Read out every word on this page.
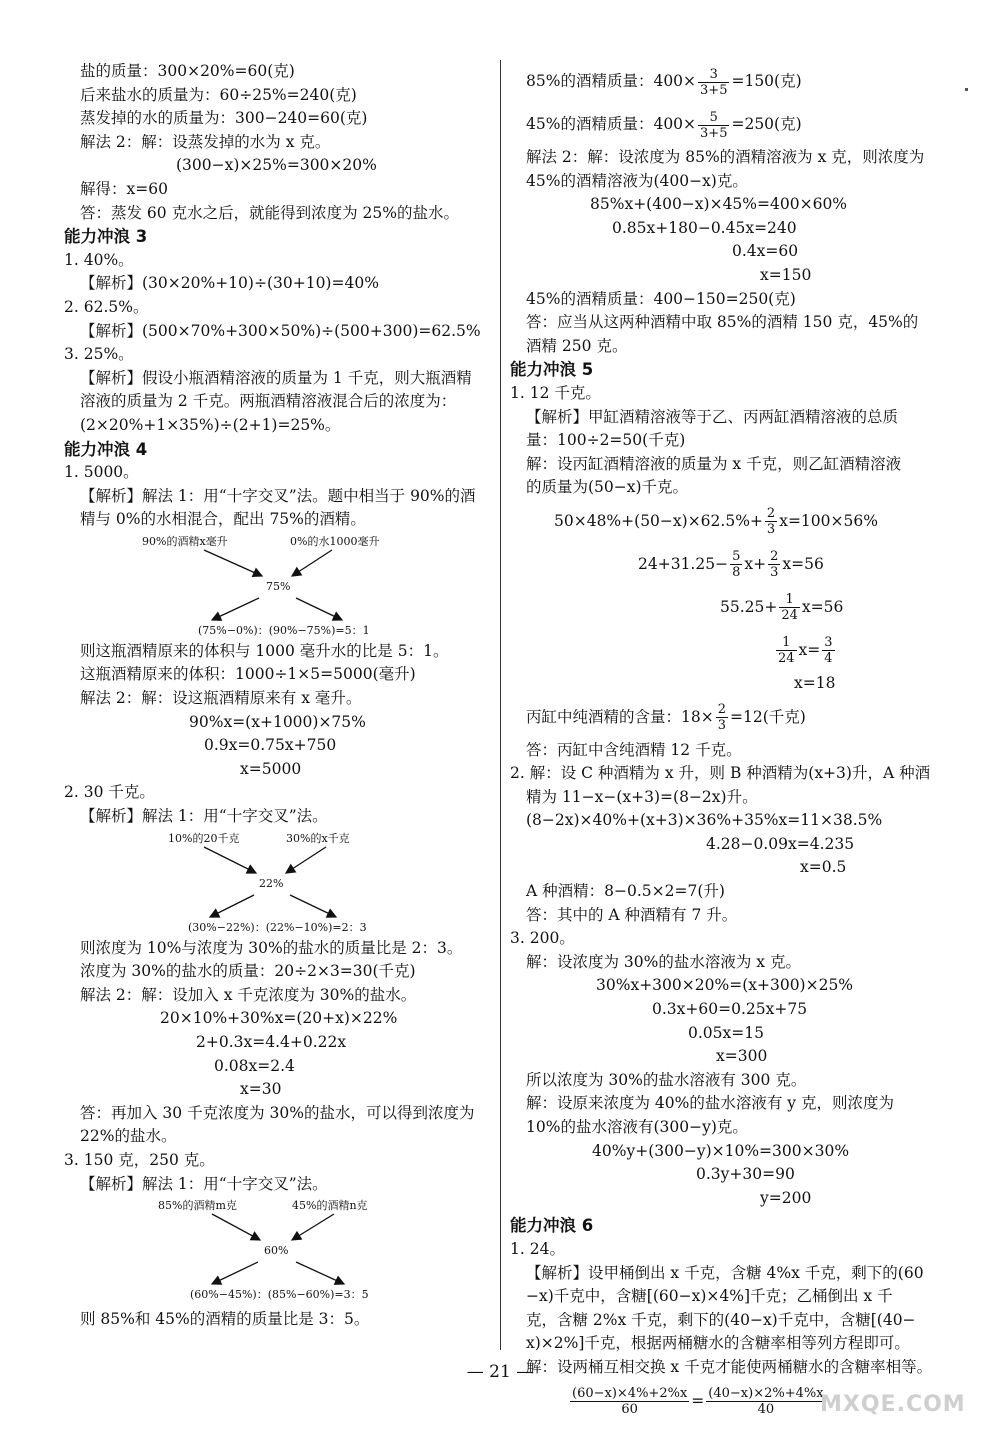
盐的质量：300×20%=60(克)
后来盐水的质量为：60÷25%=240(克)
蒸发掉的水的质量为：300−240=60(克)
解法 2：解：设蒸发掉的水为 x 克。
(300−x)×25%=300×20%
解得：x=60
答：蒸发 60 克水之后，就能得到浓度为 25%的盐水。
能力冲浪 3
1. 40%。
【解析】(30×20%+10)÷(30+10)=40%
2. 62.5%。
【解析】(500×70%+300×50%)÷(500+300)=62.5%
3. 25%。
【解析】假设小瓶酒精溶液的质量为 1 千克，则大瓶酒精
溶液的质量为 2 千克。两瓶酒精溶液混合后的浓度为：
(2×20%+1×35%)÷(2+1)=25%。
能力冲浪 4
1. 5000。
【解析】解法 1：用“十字交叉”法。题中相当于 90%的酒
精与 0%的水相混合，配出 75%的酒精。
90%的酒精x毫升	0%的水1000毫升
75%
(75%−0%)：(90%−75%)=5：1
则这瓶酒精原来的体积与 1000 毫升水的比是 5：1。
这瓶酒精原来的体积：1000÷1×5=5000(毫升)
解法 2：解：设这瓶酒精原来有 x 毫升。
90%x=(x+1000)×75%
0.9x=0.75x+750
x=5000
2. 30 千克。
【解析】解法 1：用“十字交叉”法。
10%的20千克	30%的x千克
22%
(30%−22%)：(22%−10%)=2：3
则浓度为 10%与浓度为 30%的盐水的质量比是 2：3。
浓度为 30%的盐水的质量：20÷2×3=30(千克)
解法 2：解：设加入 x 千克浓度为 30%的盐水。
20×10%+30%x=(20+x)×22%
2+0.3x=4.4+0.22x
0.08x=2.4
x=30
答：再加入 30 千克浓度为 30%的盐水，可以得到浓度为
22%的盐水。
3. 150 克，250 克。
【解析】解法 1：用“十字交叉”法。
85%的酒精m克	45%的酒精n克
60%
(60%−45%)：(85%−60%)=3：5
则 85%和 45%的酒精的质量比是 3：5。
85%的酒精质量：$400\times \frac{3}{3+5} =150$(克)
45%的酒精质量：$400\times \frac{5}{3+5} =250$(克)
解法 2：解：设浓度为 85%的酒精溶液为 x 克，则浓度为
45%的酒精溶液为(400−x)克。
85%x+(400−x)×45%=400×60%
0.85x+180−0.45x=240
0.4x=60
x=150
45%的酒精质量：400−150=250(克)
答：应当从这两种酒精中取 85%的酒精 150 克，45%的
酒精 250 克。
能力冲浪 5
1. 12 千克。
【解析】甲缸酒精溶液等于乙、丙两缸酒精溶液的总质
量：100÷2=50(千克)
解：设丙缸酒精溶液的质量为 x 千克，则乙缸酒精溶液
的质量为(50−x)千克。
$50\times 48\%+(50-x)\times 62.5\%+ \frac{2}{3} x=100\times 56\%$
$24+31.25- \frac{5}{8} x+ \frac{2}{3} x=56$
$55.25+ \frac{1}{24} x=56$
$\frac{1}{24} x= \frac{3}{4}$
x=18
丙缸中纯酒精的含量：$18\times \frac{2}{3} =12$(千克)
答：丙缸中含纯酒精 12 千克。
2. 解：设 C 种酒精为 x 升，则 B 种酒精为(x+3)升，A 种酒
精为 11−x−(x+3)=(8−2x)升。
(8−2x)×40%+(x+3)×36%+35%x=11×38.5%
4.28−0.09x=4.235
x=0.5
A 种酒精：8−0.5×2=7(升)
答：其中的 A 种酒精有 7 升。
3. 200。
解：设浓度为 30%的盐水溶液为 x 克。
30%x+300×20%=(x+300)×25%
0.3x+60=0.25x+75
0.05x=15
x=300
所以浓度为 30%的盐水溶液有 300 克。
解：设原来浓度为 40%的盐水溶液有 y 克，则浓度为
10%的盐水溶液有(300−y)克。
40%y+(300−y)×10%=300×30%
0.3y+30=90
y=200
能力冲浪 6
1. 24。
【解析】设甲桶倒出 x 千克，含糖 4%x 千克，剩下的(60
−x)千克中，含糖[(60−x)×4%]千克；乙桶倒出 x 千
克，含糖 2%x 千克，剩下的(40−x)千克中，含糖[(40−
x)×2%]千克，根据两桶糖水的含糖率相等列方程即可。
解：设两桶互相交换 x 千克才能使两桶糖水的含糖率相等。
$\frac{(60-x)\times 4\%+2\%x}{60} = \frac{(40-x)\times 2\%+4\%x}{40}$
— 21 —
MXQE.COM
